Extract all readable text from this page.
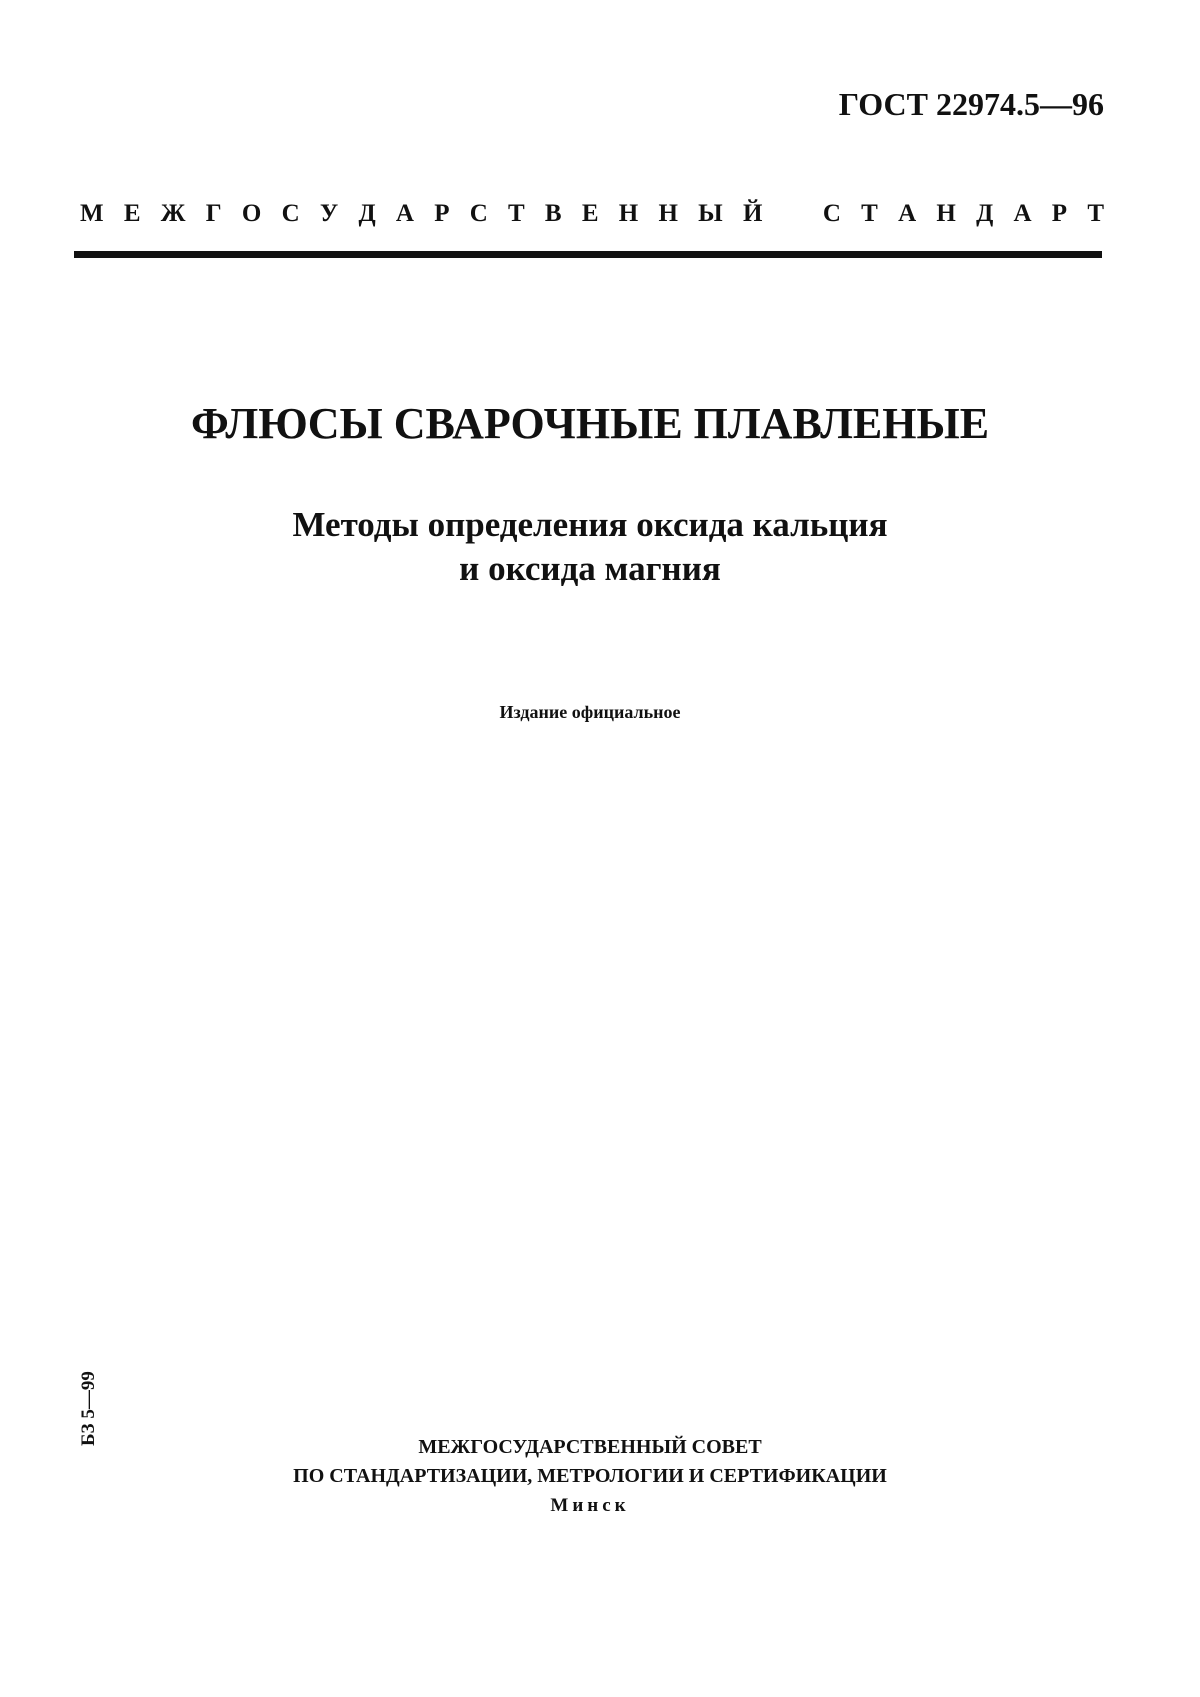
ГОСТ 22974.5—96
М Е Ж Г О С У Д А Р С Т В Е Н Н Ы Й
С Т А Н Д А Р Т
ФЛЮСЫ СВАРОЧНЫЕ ПЛАВЛЕНЫЕ
Методы определения оксида кальция
и оксида магния
Издание официальное
БЗ 5—99
МЕЖГОСУДАРСТВЕННЫЙ СОВЕТ
ПО СТАНДАРТИЗАЦИИ, МЕТРОЛОГИИ И СЕРТИФИКАЦИИ
Минск
